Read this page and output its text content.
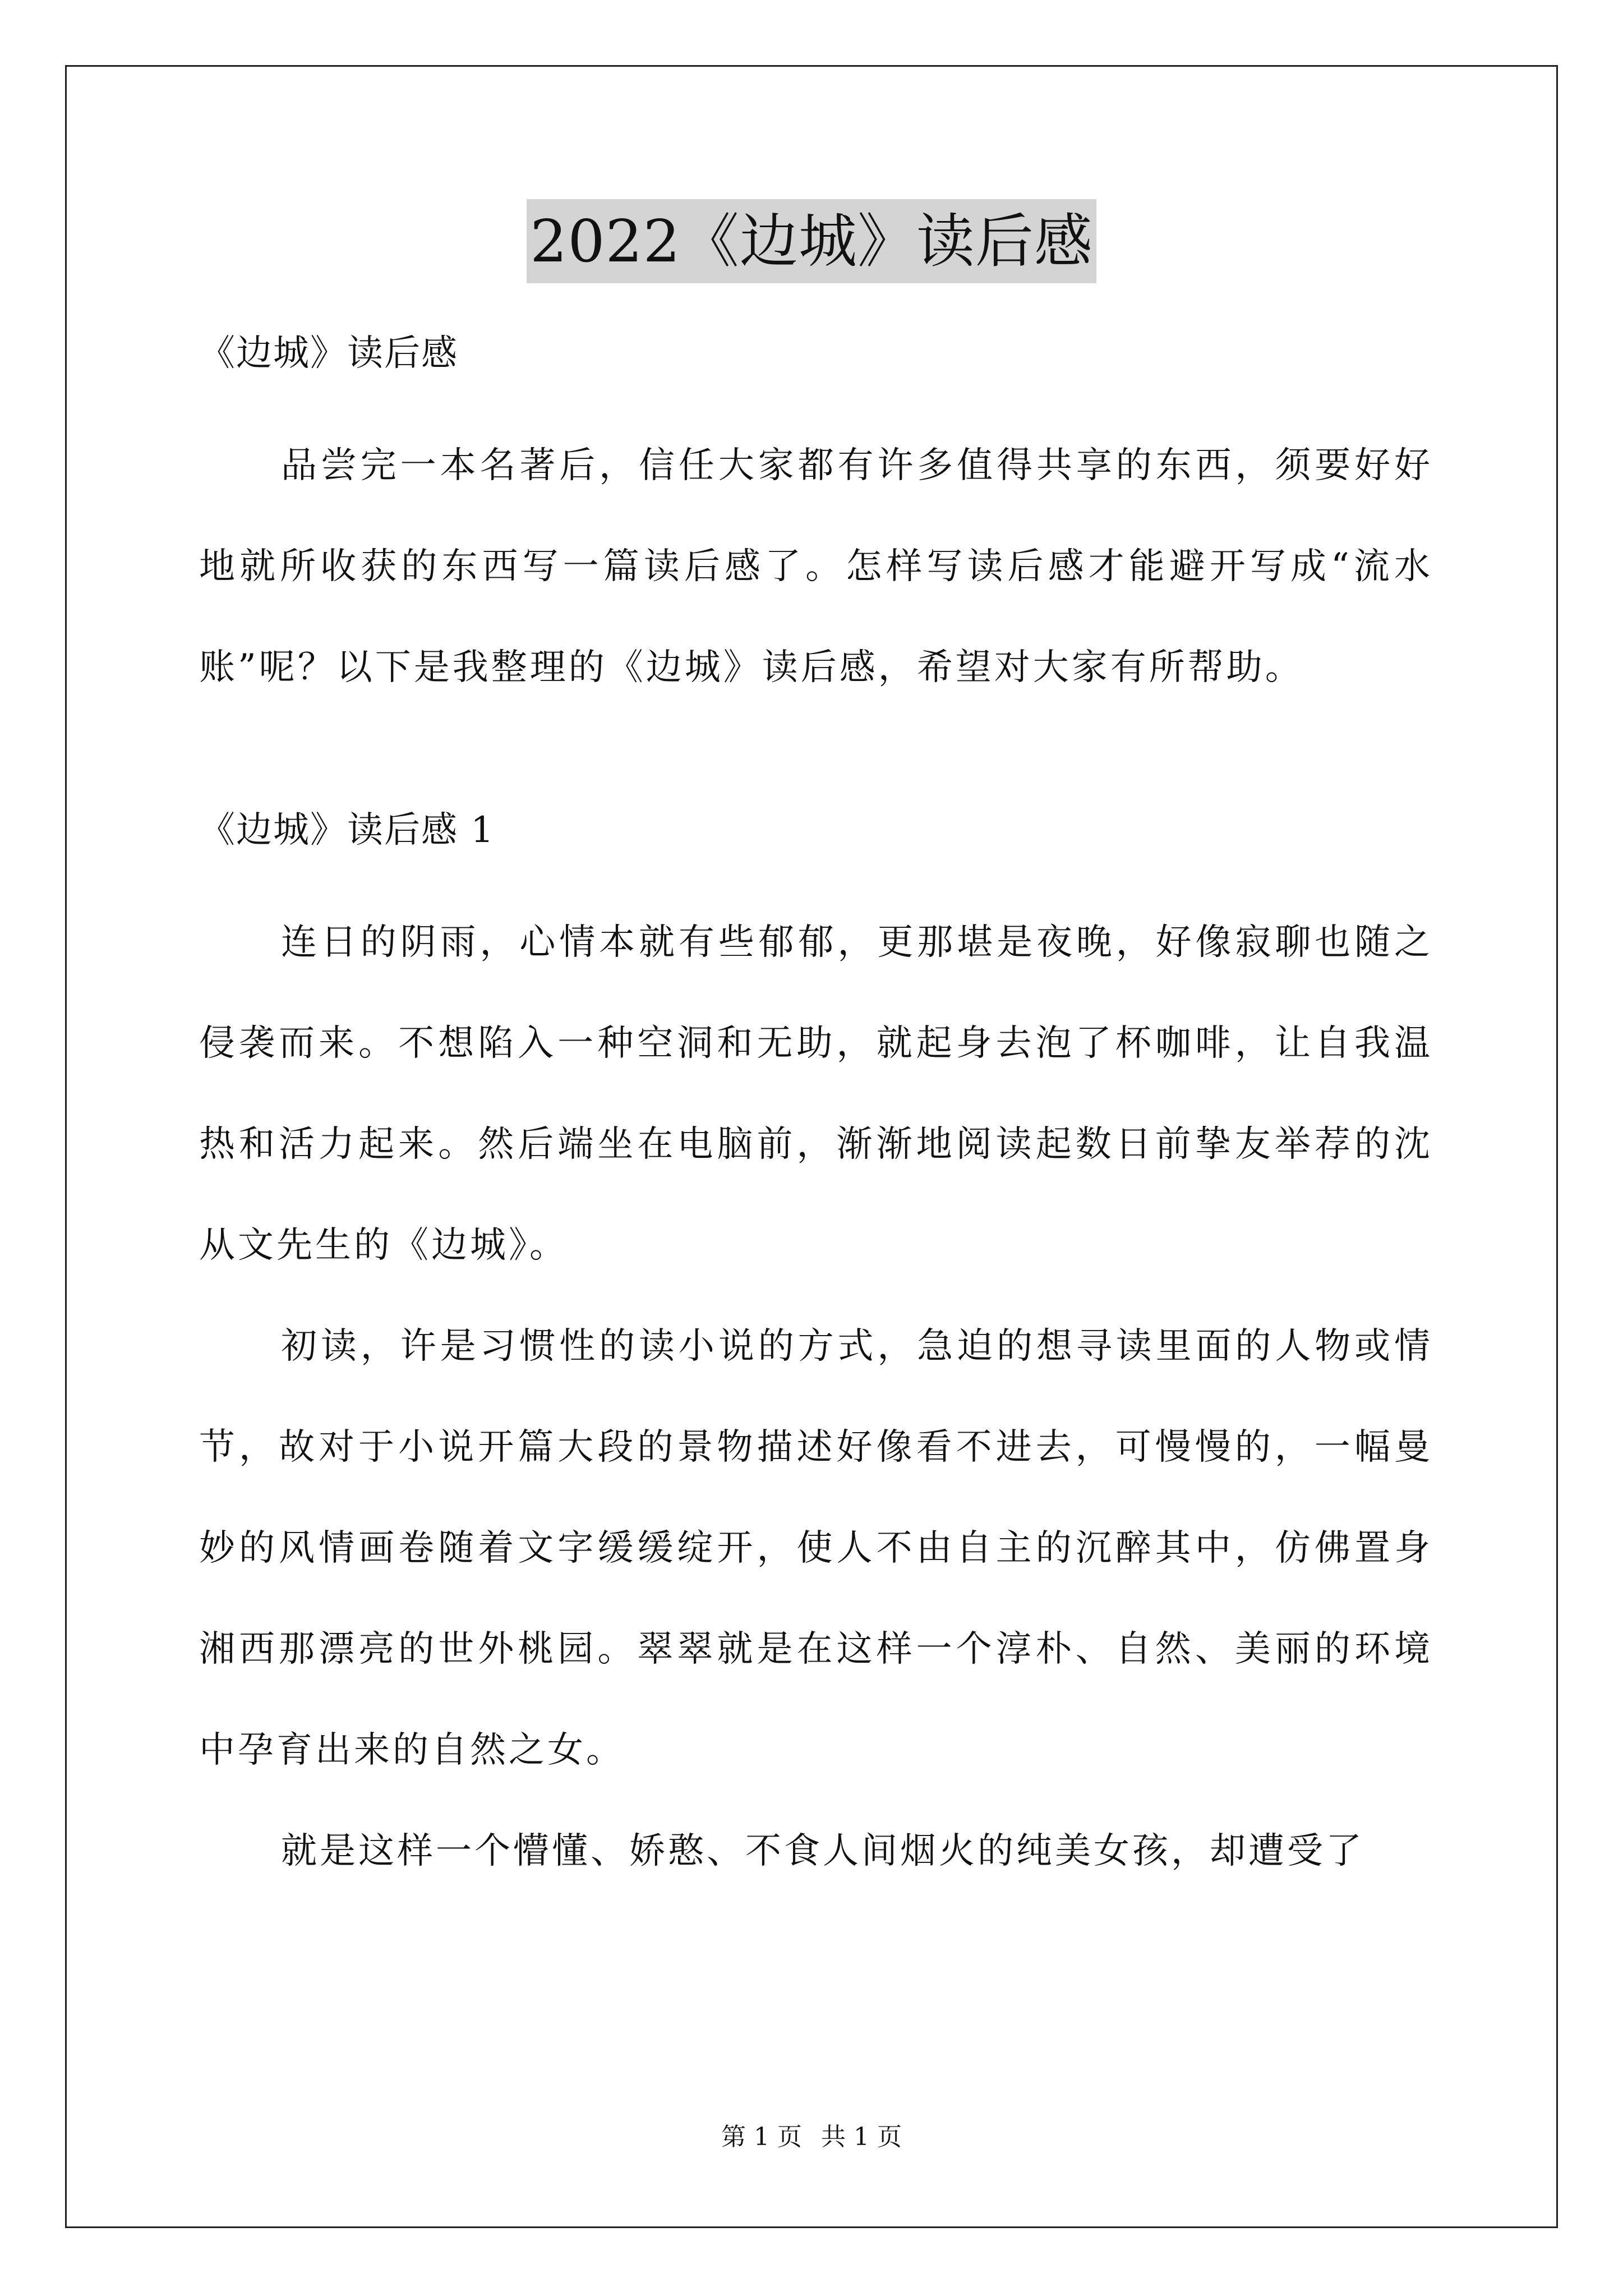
2022《边城》读后感

《边城》读后感

品尝完一本名著后，信任大家都有许多值得共享的东西，须要好好地就所收获的东西写一篇读后感了。怎样写读后感才能避开写成“流水账”呢？以下是我整理的《边城》读后感，希望对大家有所帮助。

《边城》读后感 1

连日的阴雨，心情本就有些郁郁，更那堪是夜晚，好像寂聊也随之侵袭而来。不想陷入一种空洞和无助，就起身去泡了杯咖啡，让自我温热和活力起来。然后端坐在电脑前，渐渐地阅读起数日前挚友举荐的沈从文先生的《边城》。

初读，许是习惯性的读小说的方式，急迫的想寻读里面的人物或情节，故对于小说开篇大段的景物描述好像看不进去，可慢慢的，一幅曼妙的风情画卷随着文字缓缓绽开，使人不由自主的沉醉其中，仿佛置身湘西那漂亮的世外桃园。翠翠就是在这样一个淳朴、自然、美丽的环境中孕育出来的自然之女。

就是这样一个懵懂、娇憨、不食人间烟火的纯美女孩，却遭受了

第 1 页 共 1 页
